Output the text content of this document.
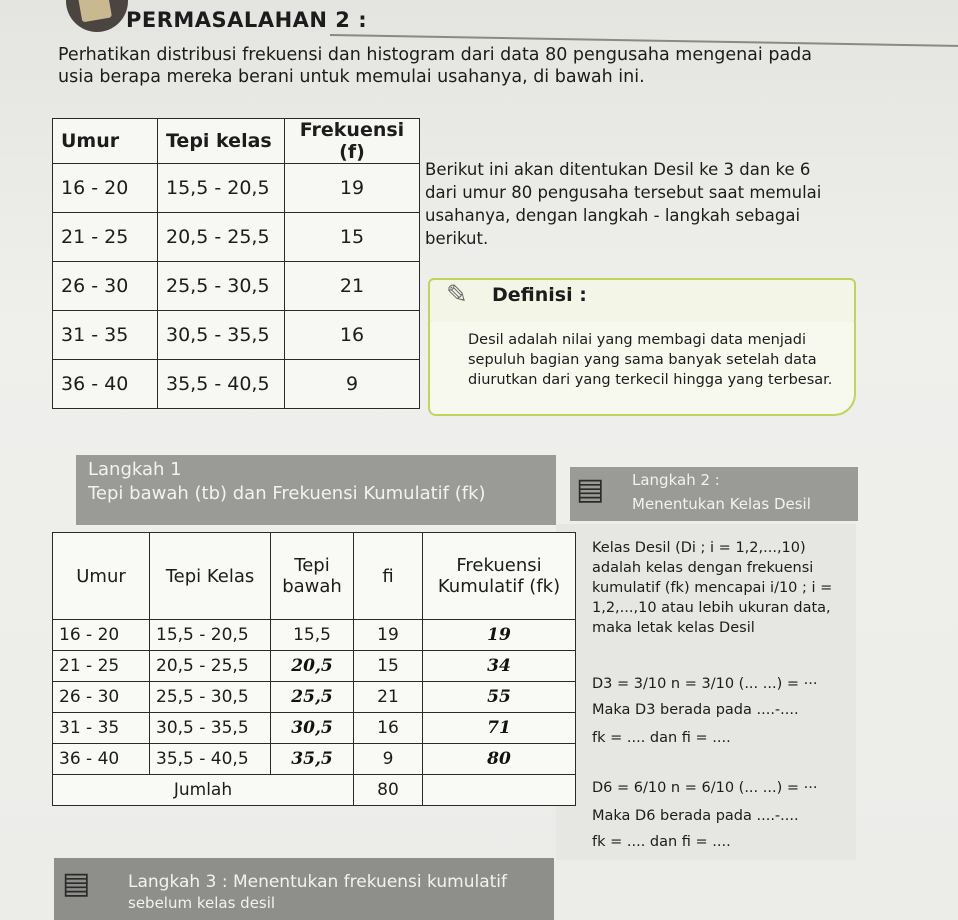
PERMASALAHAN 2 :
Perhatikan distribusi frekuensi dan histogram dari data 80 pengusaha mengenai pada usia berapa mereka berani untuk memulai usahanya, di bawah ini.
Umur	Tepi kelas	Frekuensi (f)
16 - 20	15,5 - 20,5	19
21 - 25	20,5 - 25,5	15
26 - 30	25,5 - 30,5	21
31 - 35	30,5 - 35,5	16
36 - 40	35,5 - 40,5	9
Berikut ini akan ditentukan Desil ke 3 dan ke 6 dari umur 80 pengusaha tersebut saat memulai usahanya, dengan langkah - langkah sebagai berikut.
✎ Definisi :
Desil adalah nilai yang membagi data menjadi sepuluh bagian yang sama banyak setelah data diurutkan dari yang terkecil hingga yang terbesar.
Langkah 1
Tepi bawah (tb) dan Frekuensi Kumulatif (fk)
Langkah 2 :
Menentukan Kelas Desil
▤
Umur	Tepi Kelas	Tepi bawah	fi	Frekuensi Kumulatif (fk)
16 - 20	15,5 - 20,5	15,5	19	19
21 - 25	20,5 - 25,5	20,5	15	34
26 - 30	25,5 - 30,5	25,5	21	55
31 - 35	30,5 - 35,5	30,5	16	71
36 - 40	35,5 - 40,5	35,5	9	80
Jumlah			80	
Kelas Desil (Di ; i = 1,2,...,10) adalah kelas dengan frekuensi kumulatif (fk) mencapai i/10 ; i = 1,2,...,10 atau lebih ukuran data, maka letak kelas Desil
D3 = 3/10 n = 3/10 (... ...) = ···
Maka D3 berada pada ....-....
fk = .... dan fi = ....
D6 = 6/10 n = 6/10 (... ...) = ···
Maka D6 berada pada ....-....
fk = .... dan fi = ....
Langkah 3 : Menentukan frekuensi kumulatif
sebelum kelas desil
▤
